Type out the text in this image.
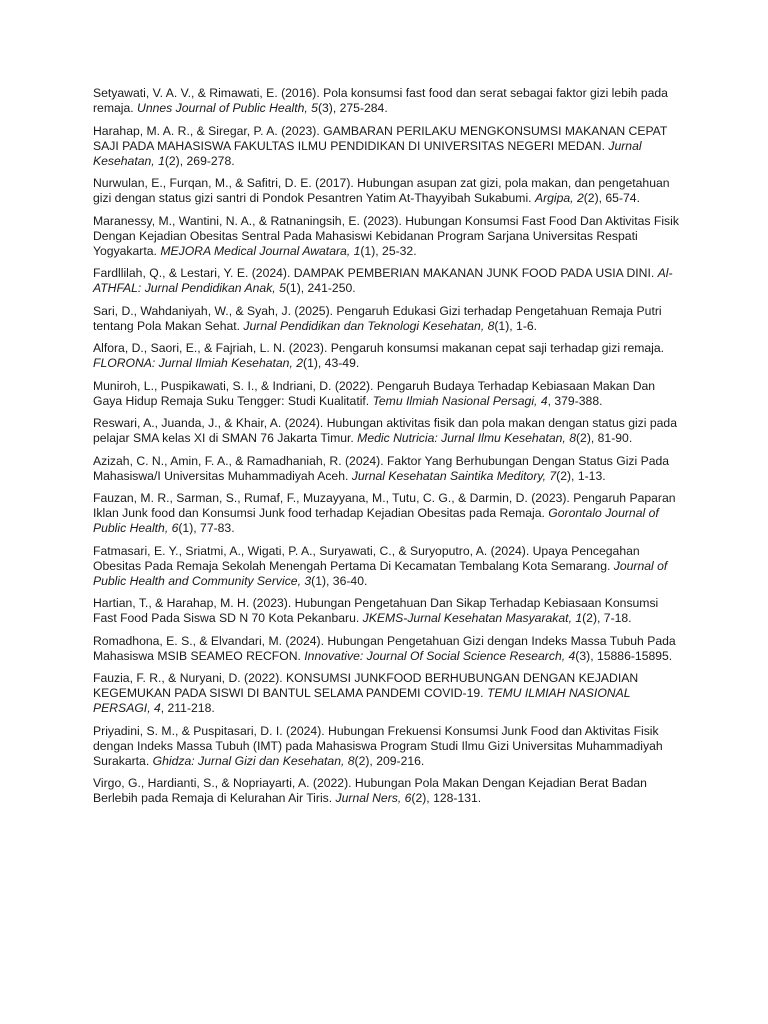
Setyawati, V. A. V., & Rimawati, E. (2016). Pola konsumsi fast food dan serat sebagai faktor gizi lebih pada remaja. Unnes Journal of Public Health, 5(3), 275-284.

Harahap, M. A. R., & Siregar, P. A. (2023). GAMBARAN PERILAKU MENGKONSUMSI MAKANAN CEPAT SAJI PADA MAHASISWA FAKULTAS ILMU PENDIDIKAN DI UNIVERSITAS NEGERI MEDAN. Jurnal Kesehatan, 1(2), 269-278.

Nurwulan, E., Furqan, M., & Safitri, D. E. (2017). Hubungan asupan zat gizi, pola makan, dan pengetahuan gizi dengan status gizi santri di Pondok Pesantren Yatim At-Thayyibah Sukabumi. Argipa, 2(2), 65-74.

Maranessy, M., Wantini, N. A., & Ratnaningsih, E. (2023). Hubungan Konsumsi Fast Food Dan Aktivitas Fisik Dengan Kejadian Obesitas Sentral Pada Mahasiswi Kebidanan Program Sarjana Universitas Respati Yogyakarta. MEJORA Medical Journal Awatara, 1(1), 25-32.

Fardllilah, Q., & Lestari, Y. E. (2024). DAMPAK PEMBERIAN MAKANAN JUNK FOOD PADA USIA DINI. Al-ATHFAL: Jurnal Pendidikan Anak, 5(1), 241-250.

Sari, D., Wahdaniyah, W., & Syah, J. (2025). Pengaruh Edukasi Gizi terhadap Pengetahuan Remaja Putri tentang Pola Makan Sehat. Jurnal Pendidikan dan Teknologi Kesehatan, 8(1), 1-6.

Alfora, D., Saori, E., & Fajriah, L. N. (2023). Pengaruh konsumsi makanan cepat saji terhadap gizi remaja. FLORONA: Jurnal Ilmiah Kesehatan, 2(1), 43-49.

Muniroh, L., Puspikawati, S. I., & Indriani, D. (2022). Pengaruh Budaya Terhadap Kebiasaan Makan Dan Gaya Hidup Remaja Suku Tengger: Studi Kualitatif. Temu Ilmiah Nasional Persagi, 4, 379-388.

Reswari, A., Juanda, J., & Khair, A. (2024). Hubungan aktivitas fisik dan pola makan dengan status gizi pada pelajar SMA kelas XI di SMAN 76 Jakarta Timur. Medic Nutricia: Jurnal Ilmu Kesehatan, 8(2), 81-90.

Azizah, C. N., Amin, F. A., & Ramadhaniah, R. (2024). Faktor Yang Berhubungan Dengan Status Gizi Pada Mahasiswa/I Universitas Muhammadiyah Aceh. Jurnal Kesehatan Saintika Meditory, 7(2), 1-13.

Fauzan, M. R., Sarman, S., Rumaf, F., Muzayyana, M., Tutu, C. G., & Darmin, D. (2023). Pengaruh Paparan Iklan Junk food dan Konsumsi Junk food terhadap Kejadian Obesitas pada Remaja. Gorontalo Journal of Public Health, 6(1), 77-83.

Fatmasari, E. Y., Sriatmi, A., Wigati, P. A., Suryawati, C., & Suryoputro, A. (2024). Upaya Pencegahan Obesitas Pada Remaja Sekolah Menengah Pertama Di Kecamatan Tembalang Kota Semarang. Journal of Public Health and Community Service, 3(1), 36-40.

Hartian, T., & Harahap, M. H. (2023). Hubungan Pengetahuan Dan Sikap Terhadap Kebiasaan Konsumsi Fast Food Pada Siswa SD N 70 Kota Pekanbaru. JKEMS-Jurnal Kesehatan Masyarakat, 1(2), 7-18.

Romadhona, E. S., & Elvandari, M. (2024). Hubungan Pengetahuan Gizi dengan Indeks Massa Tubuh Pada Mahasiswa MSIB SEAMEO RECFON. Innovative: Journal Of Social Science Research, 4(3), 15886-15895.

Fauzia, F. R., & Nuryani, D. (2022). KONSUMSI JUNKFOOD BERHUBUNGAN DENGAN KEJADIAN KEGEMUKAN PADA SISWI DI BANTUL SELAMA PANDEMI COVID-19. TEMU ILMIAH NASIONAL PERSAGI, 4, 211-218.

Priyadini, S. M., & Puspitasari, D. I. (2024). Hubungan Frekuensi Konsumsi Junk Food dan Aktivitas Fisik dengan Indeks Massa Tubuh (IMT) pada Mahasiswa Program Studi Ilmu Gizi Universitas Muhammadiyah Surakarta. Ghidza: Jurnal Gizi dan Kesehatan, 8(2), 209-216.

Virgo, G., Hardianti, S., & Nopriayarti, A. (2022). Hubungan Pola Makan Dengan Kejadian Berat Badan Berlebih pada Remaja di Kelurahan Air Tiris. Jurnal Ners, 6(2), 128-131.
